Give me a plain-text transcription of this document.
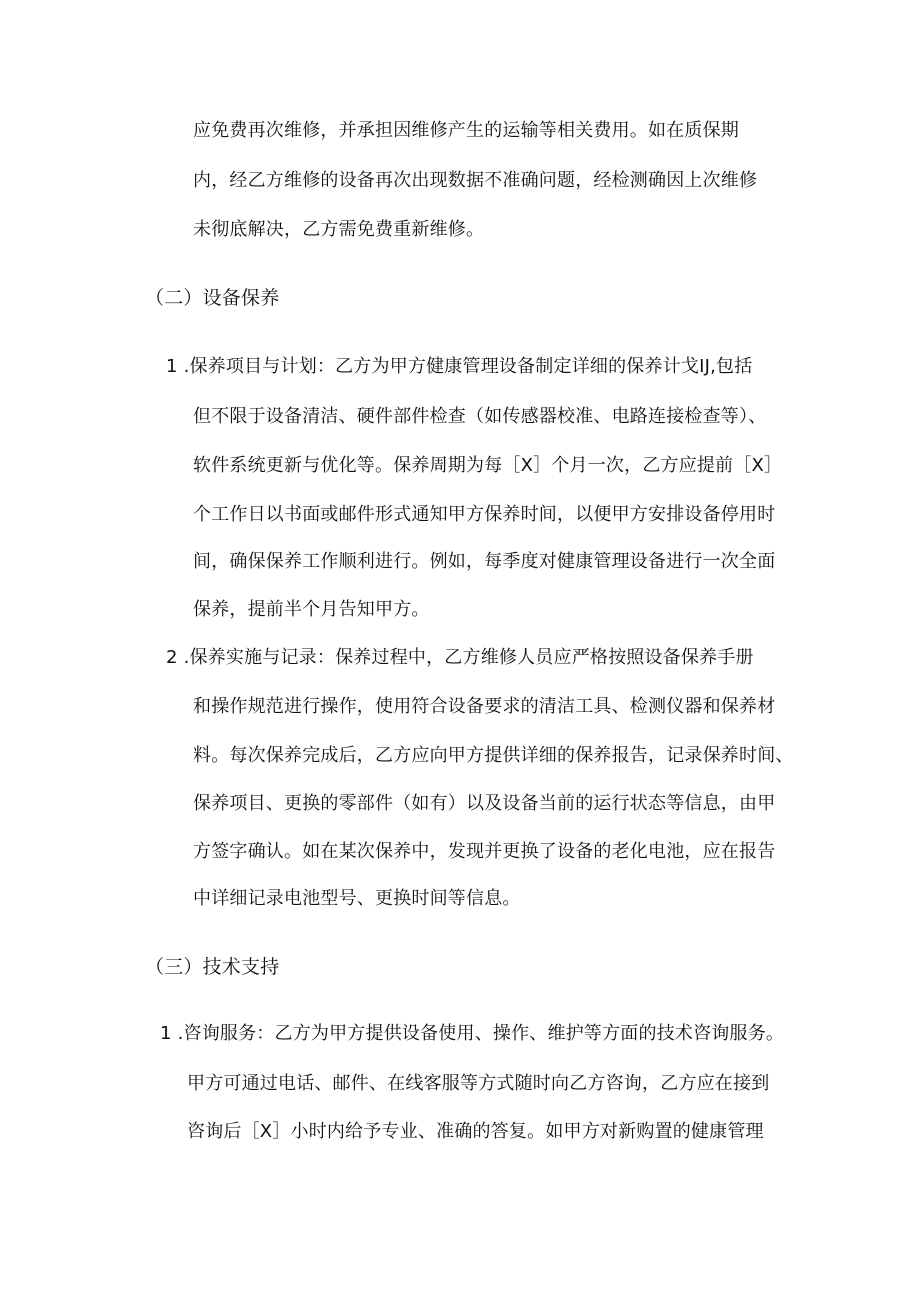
应免费再次维修，并承担因维修产生的运输等相关费用。如在质保期
内，经乙方维修的设备再次出现数据不准确问题，经检测确因上次维修
未彻底解决，乙方需免费重新维修。
（二）设备保养
1 .保养项目与计划：乙方为甲方健康管理设备制定详细的保养计戈IJ,包括
但不限于设备清洁、硬件部件检查（如传感器校准、电路连接检查等）、
软件系统更新与优化等。保养周期为每［X］个月一次，乙方应提前［X］
个工作日以书面或邮件形式通知甲方保养时间，以便甲方安排设备停用时
间，确保保养工作顺利进行。例如，每季度对健康管理设备进行一次全面
保养，提前半个月告知甲方。
2 .保养实施与记录：保养过程中，乙方维修人员应严格按照设备保养手册
和操作规范进行操作，使用符合设备要求的清洁工具、检测仪器和保养材
料。每次保养完成后，乙方应向甲方提供详细的保养报告，记录保养时间、
保养项目、更换的零部件（如有）以及设备当前的运行状态等信息，由甲
方签字确认。如在某次保养中，发现并更换了设备的老化电池，应在报告
中详细记录电池型号、更换时间等信息。
（三）技术支持
1 .咨询服务：乙方为甲方提供设备使用、操作、维护等方面的技术咨询服务。
甲方可通过电话、邮件、在线客服等方式随时向乙方咨询，乙方应在接到
咨询后［X］小时内给予专业、准确的答复。如甲方对新购置的健康管理
